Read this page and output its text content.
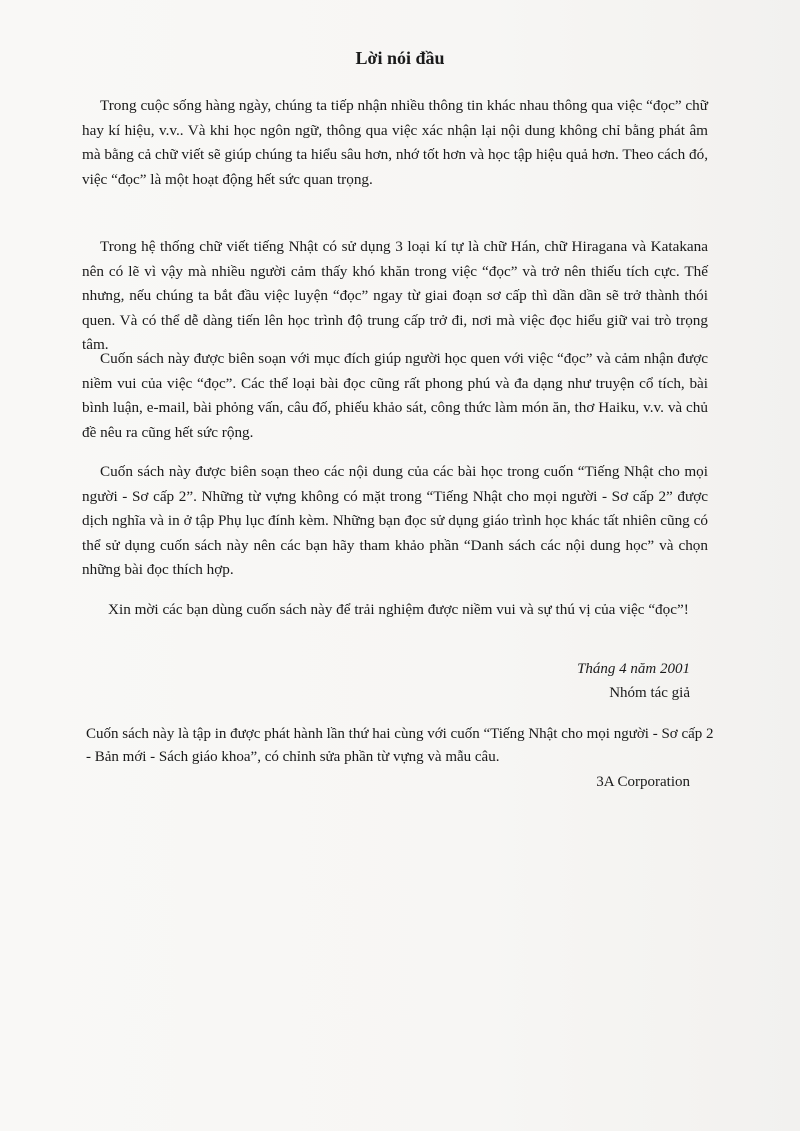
Lời nói đầu

Trong cuộc sống hàng ngày, chúng ta tiếp nhận nhiều thông tin khác nhau thông qua việc “đọc” chữ hay kí hiệu, v.v.. Và khi học ngôn ngữ, thông qua việc xác nhận lại nội dung không chỉ bằng phát âm mà bằng cả chữ viết sẽ giúp chúng ta hiểu sâu hơn, nhớ tốt hơn và học tập hiệu quả hơn. Theo cách đó, việc “đọc” là một hoạt động hết sức quan trọng.

Trong hệ thống chữ viết tiếng Nhật có sử dụng 3 loại kí tự là chữ Hán, chữ Hiragana và Katakana nên có lẽ vì vậy mà nhiều người cảm thấy khó khăn trong việc “đọc” và trở nên thiếu tích cực. Thế nhưng, nếu chúng ta bắt đầu việc luyện “đọc” ngay từ giai đoạn sơ cấp thì dần dần sẽ trở thành thói quen. Và có thể dễ dàng tiến lên học trình độ trung cấp trở đi, nơi mà việc đọc hiểu giữ vai trò trọng tâm.

Cuốn sách này được biên soạn với mục đích giúp người học quen với việc “đọc” và cảm nhận được niềm vui của việc “đọc”. Các thể loại bài đọc cũng rất phong phú và đa dạng như truyện cổ tích, bài bình luận, e-mail, bài phỏng vấn, câu đố, phiếu khảo sát, công thức làm món ăn, thơ Haiku, v.v. và chủ đề nêu ra cũng hết sức rộng.

Cuốn sách này được biên soạn theo các nội dung của các bài học trong cuốn “Tiếng Nhật cho mọi người - Sơ cấp 2”. Những từ vựng không có mặt trong “Tiếng Nhật cho mọi người - Sơ cấp 2” được dịch nghĩa và in ở tập Phụ lục đính kèm. Những bạn đọc sử dụng giáo trình học khác tất nhiên cũng có thể sử dụng cuốn sách này nên các bạn hãy tham khảo phần “Danh sách các nội dung học” và chọn những bài đọc thích hợp.

Xin mời các bạn dùng cuốn sách này để trải nghiệm được niềm vui và sự thú vị của việc “đọc”!

Tháng 4 năm 2001
Nhóm tác giả

Cuốn sách này là tập in được phát hành lần thứ hai cùng với cuốn “Tiếng Nhật cho mọi người - Sơ cấp 2 - Bản mới - Sách giáo khoa”, có chỉnh sửa phần từ vựng và mẫu câu.

3A Corporation
